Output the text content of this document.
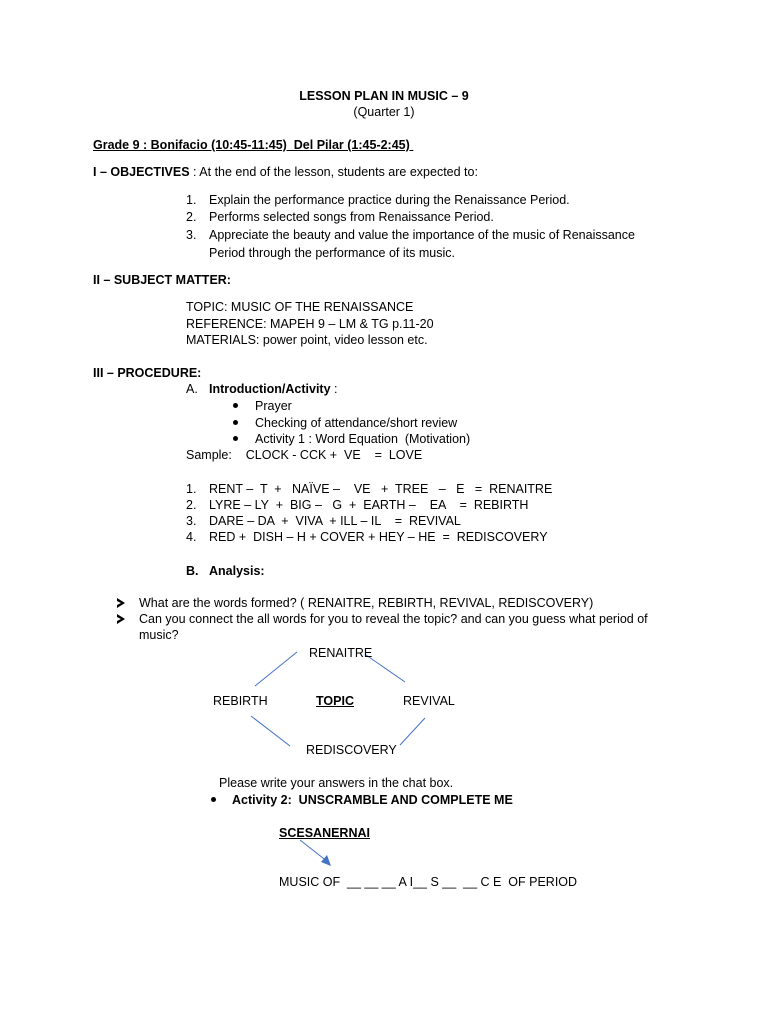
LESSON PLAN IN MUSIC – 9
(Quarter 1)
Grade 9 : Bonifacio (10:45-11:45)  Del Pilar (1:45-2:45)
I – OBJECTIVES : At the end of the lesson, students are expected to:
1. Explain the performance practice during the Renaissance Period.
2. Performs selected songs from Renaissance Period.
3. Appreciate the beauty and value the importance of the music of Renaissance
Period through the performance of its music.
II – SUBJECT MATTER:
TOPIC: MUSIC OF THE RENAISSANCE
REFERENCE: MAPEH 9 – LM & TG p.11-20
MATERIALS: power point, video lesson etc.
III – PROCEDURE:
A. Introduction/Activity :
Prayer
Checking of attendance/short review
Activity 1 : Word Equation  (Motivation)
Sample:    CLOCK - CCK +  VE    =  LOVE
1. RENT –  T  +   NAÏVE –    VE   +  TREE   –   E   =  RENAITRE
2. LYRE – LY  +  BIG –   G  +  EARTH –    EA    =  REBIRTH
3. DARE – DA  +  VIVA  + ILL – IL    =  REVIVAL
4. RED +  DISH – H + COVER + HEY – HE  =  REDISCOVERY
B. Analysis:
What are the words formed? ( RENAITRE, REBIRTH, REVIVAL, REDISCOVERY)
Can you connect the all words for you to reveal the topic? and can you guess what period of
music?
RENAITRE
REBIRTH	TOPIC	REVIVAL
REDISCOVERY
Please write your answers in the chat box.
Activity 2:  UNSCRAMBLE AND COMPLETE ME
SCESANERNAI
MUSIC OF  __ __ __ A I__ S __  __ C E  OF PERIOD
